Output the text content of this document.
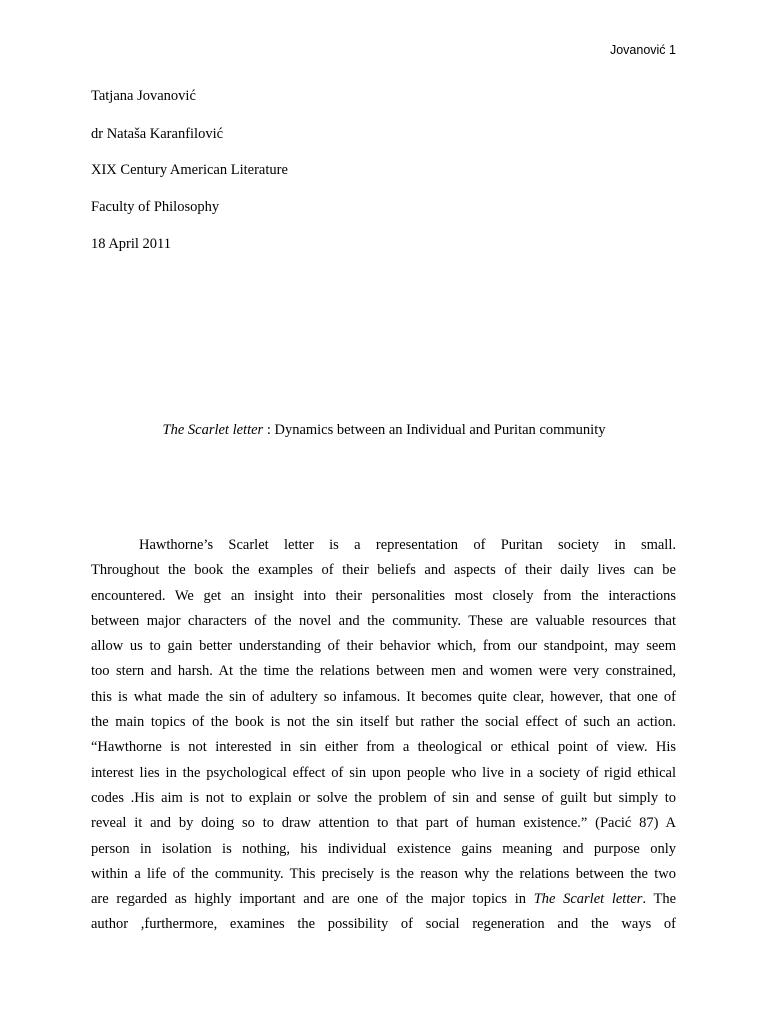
Jovanović 1
Tatjana Jovanović
dr Nataša Karanfilović
XIX Century American Literature
Faculty of Philosophy
18 April 2011
The Scarlet letter : Dynamics between an Individual and Puritan community
Hawthorne’s Scarlet letter is a representation of Puritan society in small.
Throughout the book the examples of their beliefs and aspects of their daily lives can be
encountered. We get an insight into their personalities most closely from the interactions
between major characters of the novel and the community. These are valuable resources that
allow us to gain better understanding of their behavior which, from our standpoint, may seem
too stern and harsh. At the time the relations between men and women were very constrained,
this is what made the sin of adultery so infamous. It becomes quite clear, however, that one of
the main topics of the book is not the sin itself but rather the social effect of such an action.
“Hawthorne is not interested in sin either from a theological or ethical point of view. His
interest lies in the psychological effect of sin upon people who live in a society of rigid ethical
codes .His aim is not to explain or solve the problem of sin and sense of guilt but simply to
reveal it and by doing so to draw attention to that part of human existence.” (Pacić 87) A
person in isolation is nothing, his individual existence gains meaning and purpose only
within a life of the community. This precisely is the reason why the relations between the two
are regarded as highly important and are one of the major topics in The Scarlet letter. The
author ,furthermore, examines the possibility of social regeneration and the ways of
